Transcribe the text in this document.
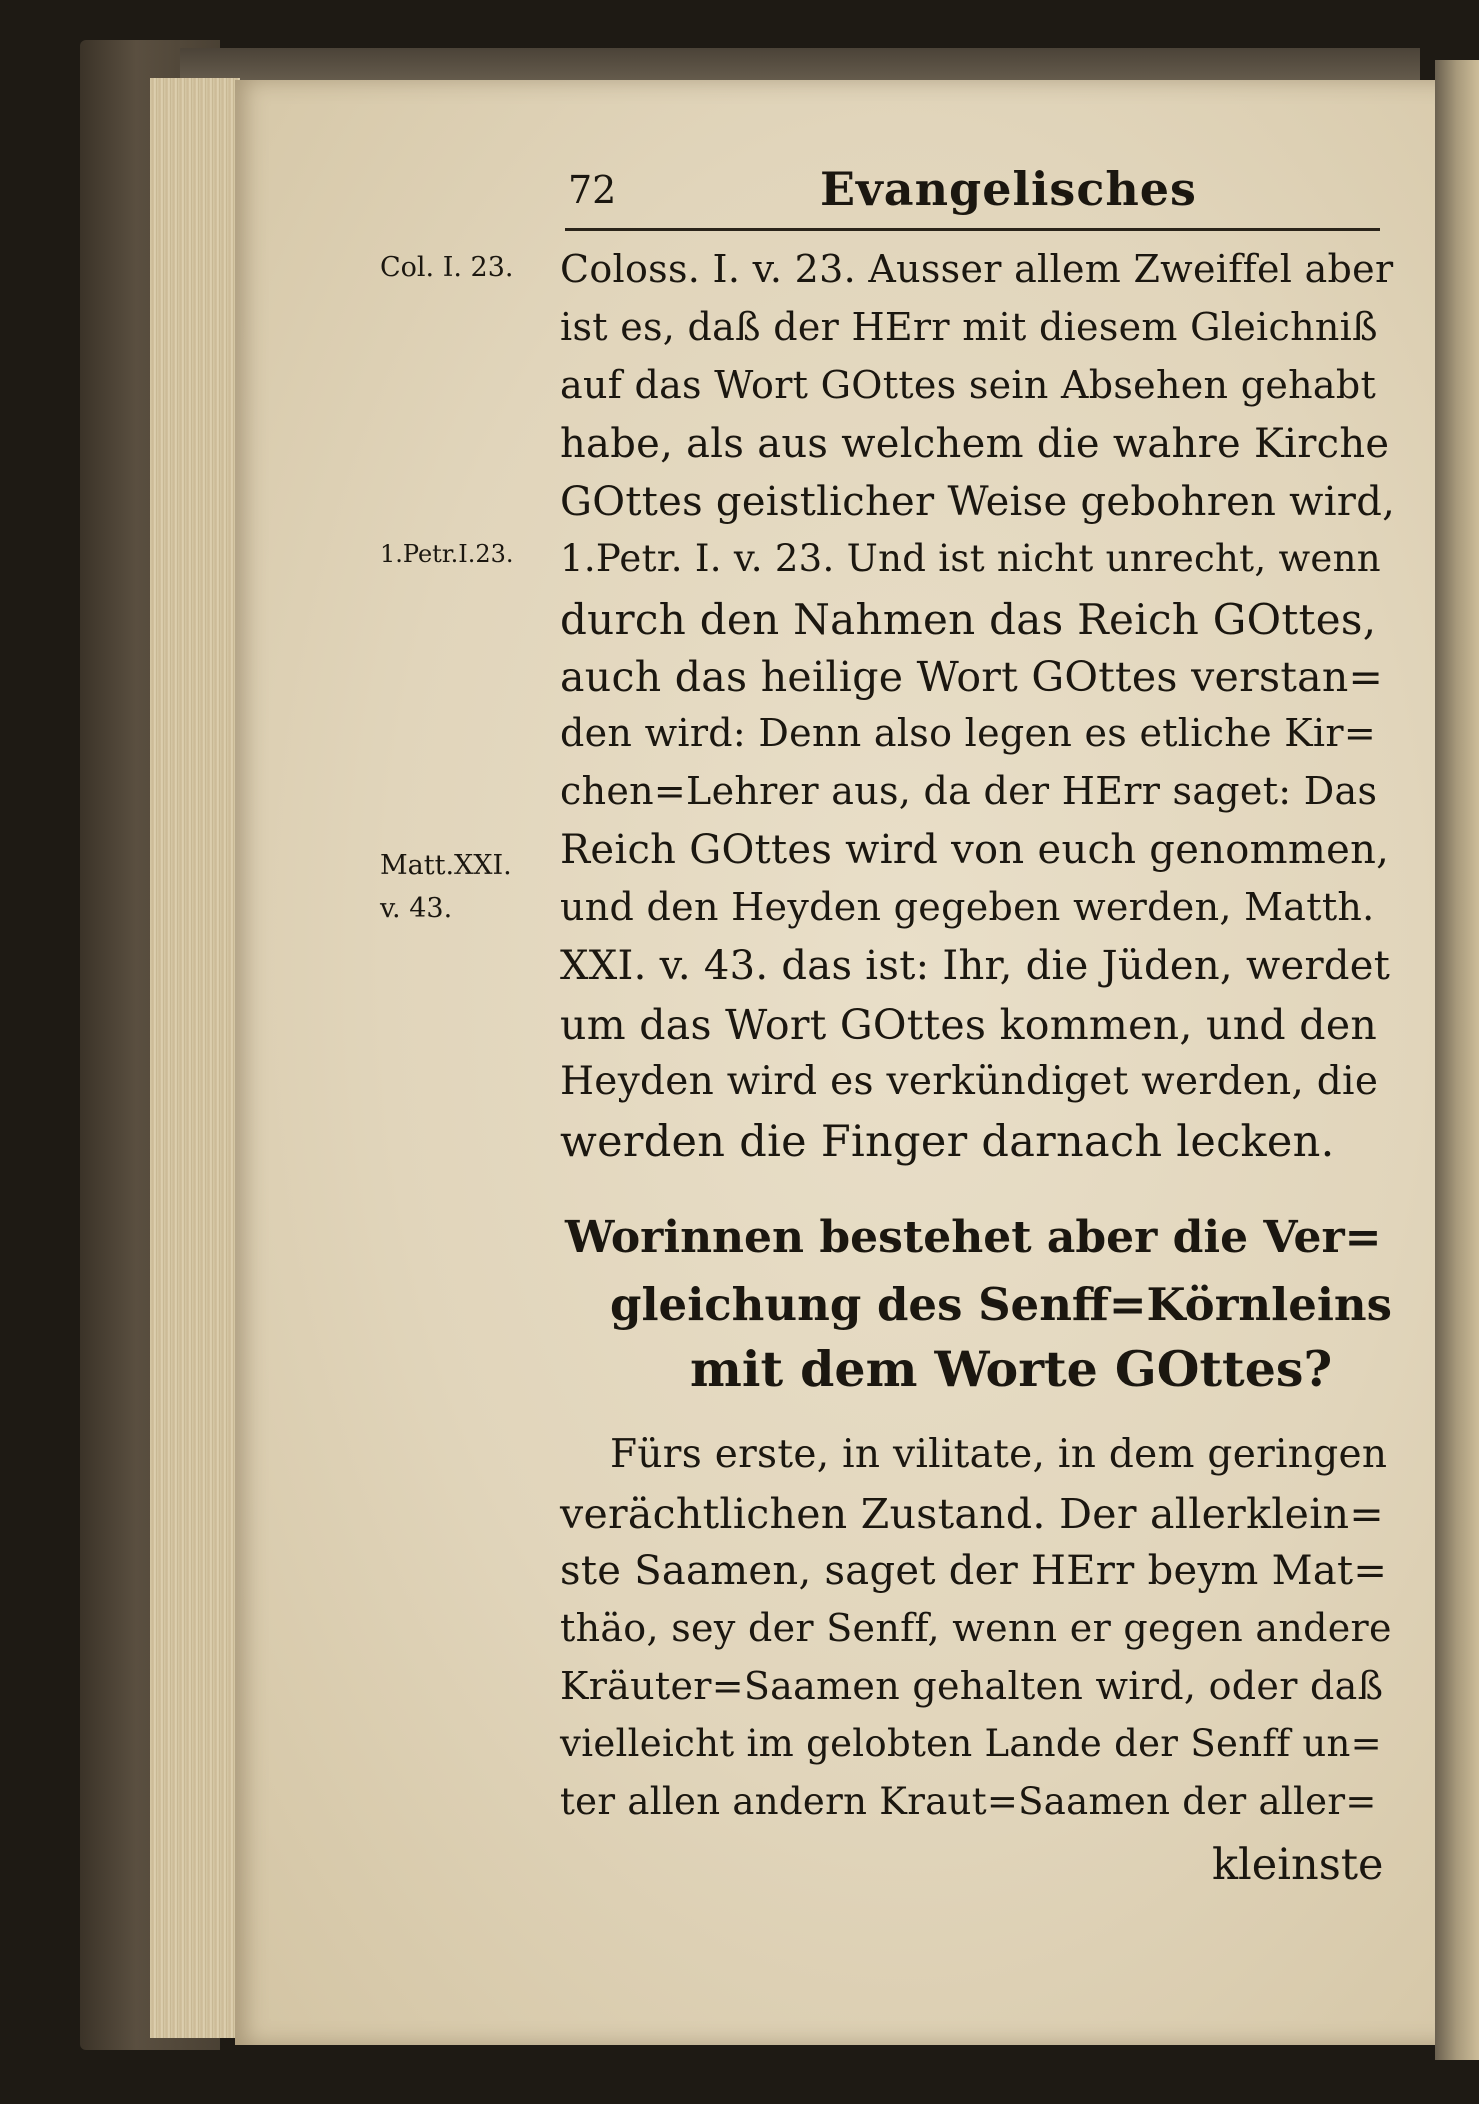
72	Evangelisches
Col. I. 23.
1.Petr.I.23.
Matt.XXI.
v. 43.
Coloss. I. v. 23. Ausser allem Zweiffel aber
ist es, daß der HErr mit diesem Gleichniß
auf das Wort GOttes sein Absehen gehabt
habe, als aus welchem die wahre Kirche
GOttes geistlicher Weise gebohren wird,
1.Petr. I. v. 23. Und ist nicht unrecht, wenn
durch den Nahmen das Reich GOttes,
auch das heilige Wort GOttes verstan=
den wird: Denn also legen es etliche Kir=
chen=Lehrer aus, da der HErr saget: Das
Reich GOttes wird von euch genommen,
und den Heyden gegeben werden, Matth.
XXI. v. 43. das ist: Ihr, die Jüden, werdet
um das Wort GOttes kommen, und den
Heyden wird es verkündiget werden, die
werden die Finger darnach lecken.
Worinnen bestehet aber die Ver=
gleichung des Senff=Körnleins
mit dem Worte GOttes?
Fürs erste, in vilitate, in dem geringen
verächtlichen Zustand. Der allerklein=
ste Saamen, saget der HErr beym Mat=
thäo, sey der Senff, wenn er gegen andere
Kräuter=Saamen gehalten wird, oder daß
vielleicht im gelobten Lande der Senff un=
ter allen andern Kraut=Saamen der aller=
kleinste
